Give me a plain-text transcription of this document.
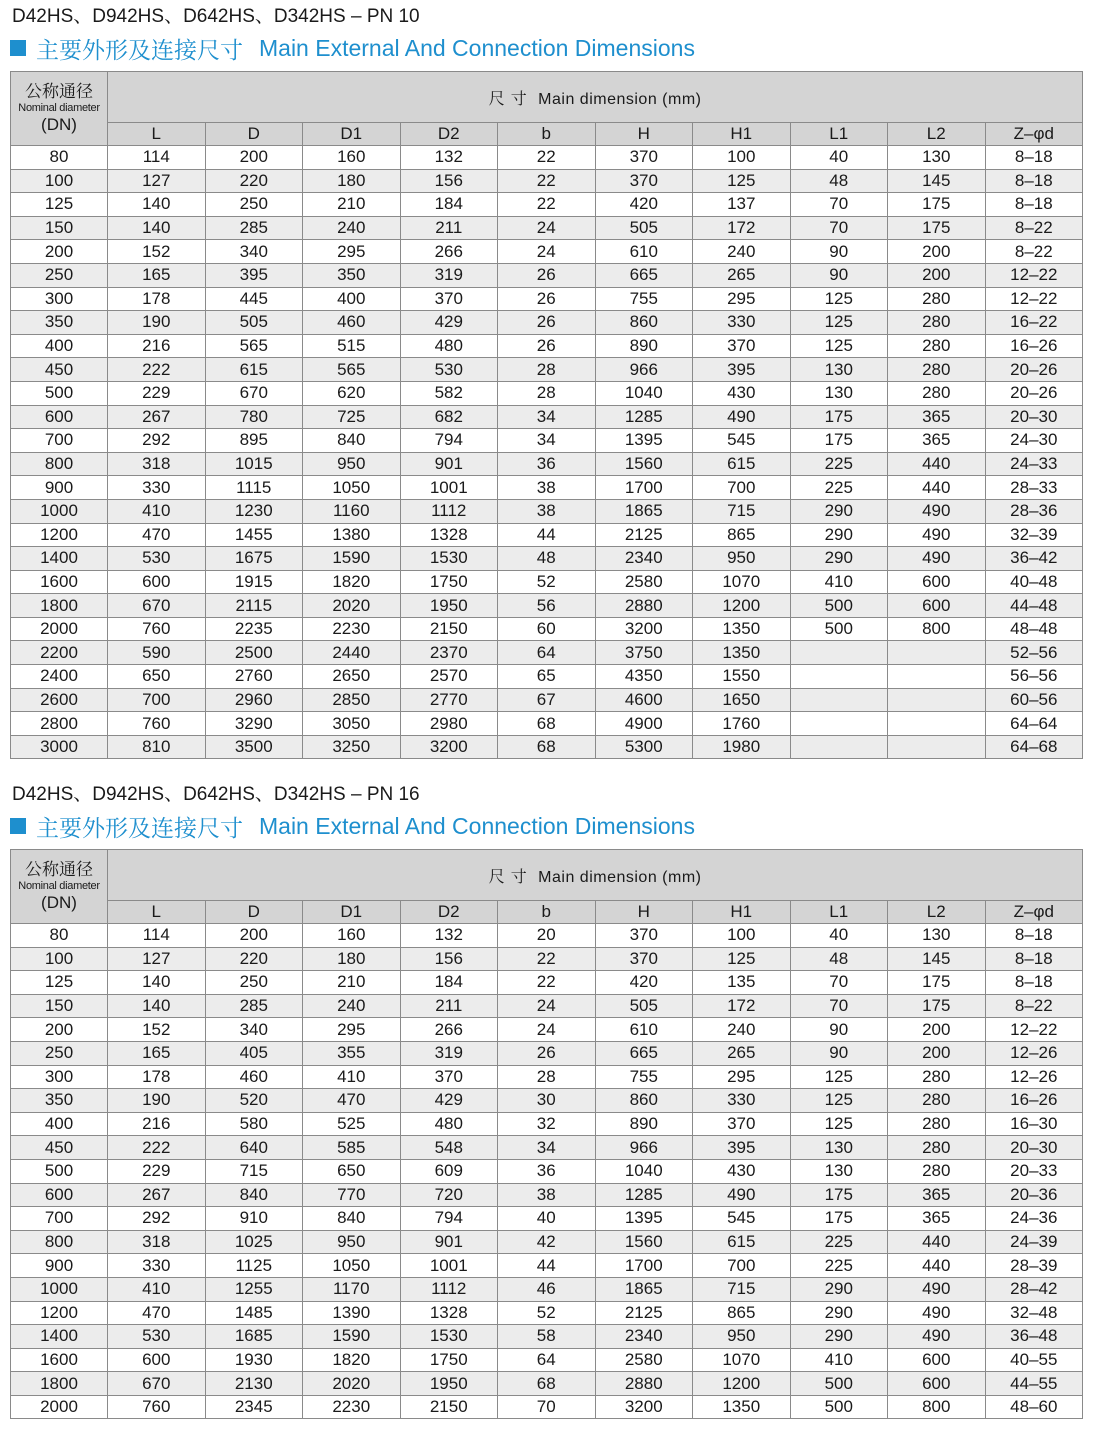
D42HS、D942HS、D642HS、D342HS – PN 10
主要外形及连接尺寸 Main External And Connection Dimensions
公称通径
Nominal diameter
(DN)	尺 寸 Main dimension (mm)									
	L	D	D1	D2	b	H	H1	L1	L2	Z–φd
80	114	200	160	132	22	370	100	40	130	8–18
100	127	220	180	156	22	370	125	48	145	8–18
125	140	250	210	184	22	420	137	70	175	8–18
150	140	285	240	211	24	505	172	70	175	8–22
200	152	340	295	266	24	610	240	90	200	8–22
250	165	395	350	319	26	665	265	90	200	12–22
300	178	445	400	370	26	755	295	125	280	12–22
350	190	505	460	429	26	860	330	125	280	16–22
400	216	565	515	480	26	890	370	125	280	16–26
450	222	615	565	530	28	966	395	130	280	20–26
500	229	670	620	582	28	1040	430	130	280	20–26
600	267	780	725	682	34	1285	490	175	365	20–30
700	292	895	840	794	34	1395	545	175	365	24–30
800	318	1015	950	901	36	1560	615	225	440	24–33
900	330	1115	1050	1001	38	1700	700	225	440	28–33
1000	410	1230	1160	1112	38	1865	715	290	490	28–36
1200	470	1455	1380	1328	44	2125	865	290	490	32–39
1400	530	1675	1590	1530	48	2340	950	290	490	36–42
1600	600	1915	1820	1750	52	2580	1070	410	600	40–48
1800	670	2115	2020	1950	56	2880	1200	500	600	44–48
2000	760	2235	2230	2150	60	3200	1350	500	800	48–48
2200	590	2500	2440	2370	64	3750	1350			52–56
2400	650	2760	2650	2570	65	4350	1550			56–56
2600	700	2960	2850	2770	67	4600	1650			60–56
2800	760	3290	3050	2980	68	4900	1760			64–64
3000	810	3500	3250	3200	68	5300	1980			64–68
D42HS、D942HS、D642HS、D342HS – PN 16
主要外形及连接尺寸 Main External And Connection Dimensions
公称通径
Nominal diameter
(DN)	尺 寸 Main dimension (mm)									
	L	D	D1	D2	b	H	H1	L1	L2	Z–φd
80	114	200	160	132	20	370	100	40	130	8–18
100	127	220	180	156	22	370	125	48	145	8–18
125	140	250	210	184	22	420	135	70	175	8–18
150	140	285	240	211	24	505	172	70	175	8–22
200	152	340	295	266	24	610	240	90	200	12–22
250	165	405	355	319	26	665	265	90	200	12–26
300	178	460	410	370	28	755	295	125	280	12–26
350	190	520	470	429	30	860	330	125	280	16–26
400	216	580	525	480	32	890	370	125	280	16–30
450	222	640	585	548	34	966	395	130	280	20–30
500	229	715	650	609	36	1040	430	130	280	20–33
600	267	840	770	720	38	1285	490	175	365	20–36
700	292	910	840	794	40	1395	545	175	365	24–36
800	318	1025	950	901	42	1560	615	225	440	24–39
900	330	1125	1050	1001	44	1700	700	225	440	28–39
1000	410	1255	1170	1112	46	1865	715	290	490	28–42
1200	470	1485	1390	1328	52	2125	865	290	490	32–48
1400	530	1685	1590	1530	58	2340	950	290	490	36–48
1600	600	1930	1820	1750	64	2580	1070	410	600	40–55
1800	670	2130	2020	1950	68	2880	1200	500	600	44–55
2000	760	2345	2230	2150	70	3200	1350	500	800	48–60
